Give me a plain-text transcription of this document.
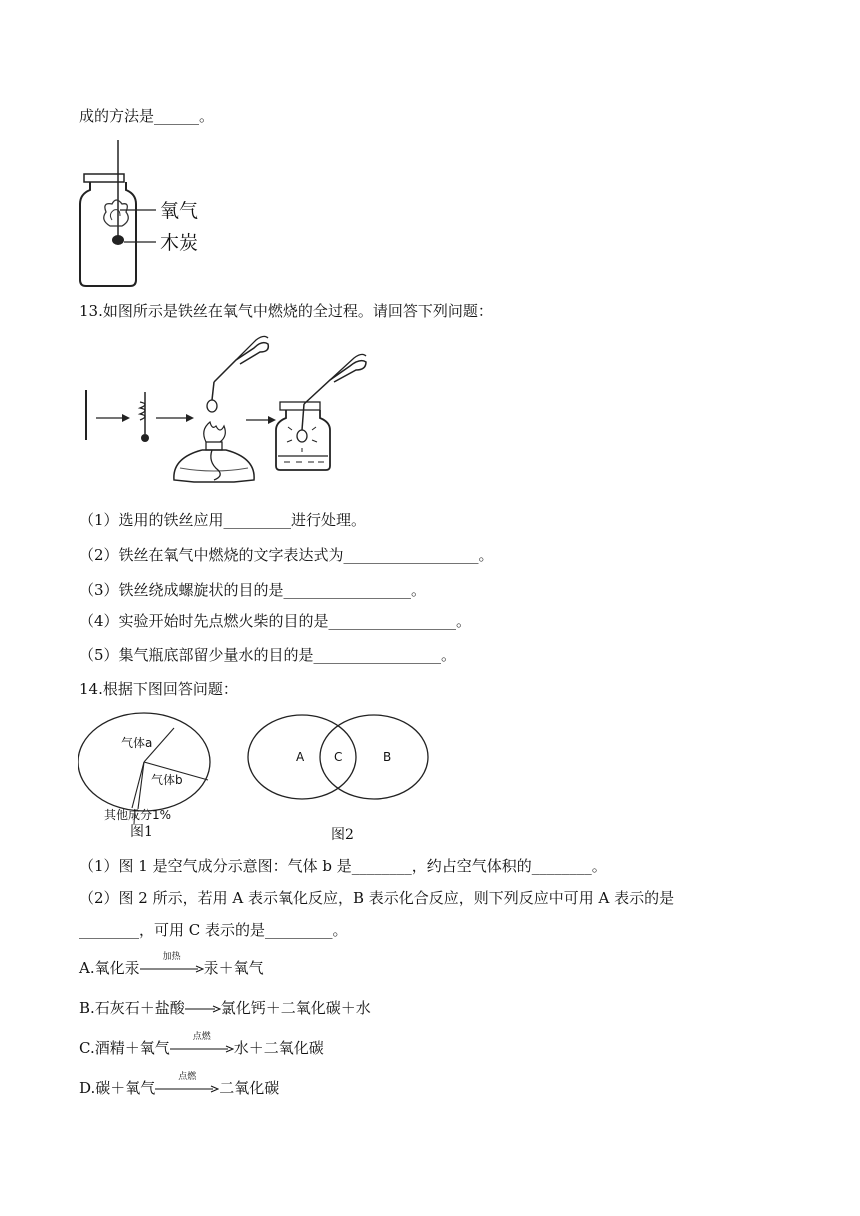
成的方法是______。
氧气
木炭
13.如图所示是铁丝在氧气中燃烧的全过程。请回答下列问题：
（1）选用的铁丝应用_________进行处理。
（2）铁丝在氧气中燃烧的文字表达式为__________________。
（3）铁丝绕成螺旋状的目的是_________________。
（4）实验开始时先点燃火柴的目的是_________________。
（5）集气瓶底部留少量水的目的是_________________。
14.根据下图回答问题：
气体a
气体b
其他成分1%
图1
A C	B
图2
（1）图 1 是空气成分示意图：气体 b 是________，约占空气体积的________。
（2）图 2 所示，若用 A 表示氧化反应，B 表示化合反应，则下列反应中可用 A 表示的是
________，可用 C 表示的是_________。
A.氧化汞
加热
汞＋氧气
B.石灰石＋盐酸→氯化钙＋二氧化碳＋水
C.酒精＋氧气
点燃
水＋二氧化碳
D.碳＋氧气
点燃
二氧化碳
